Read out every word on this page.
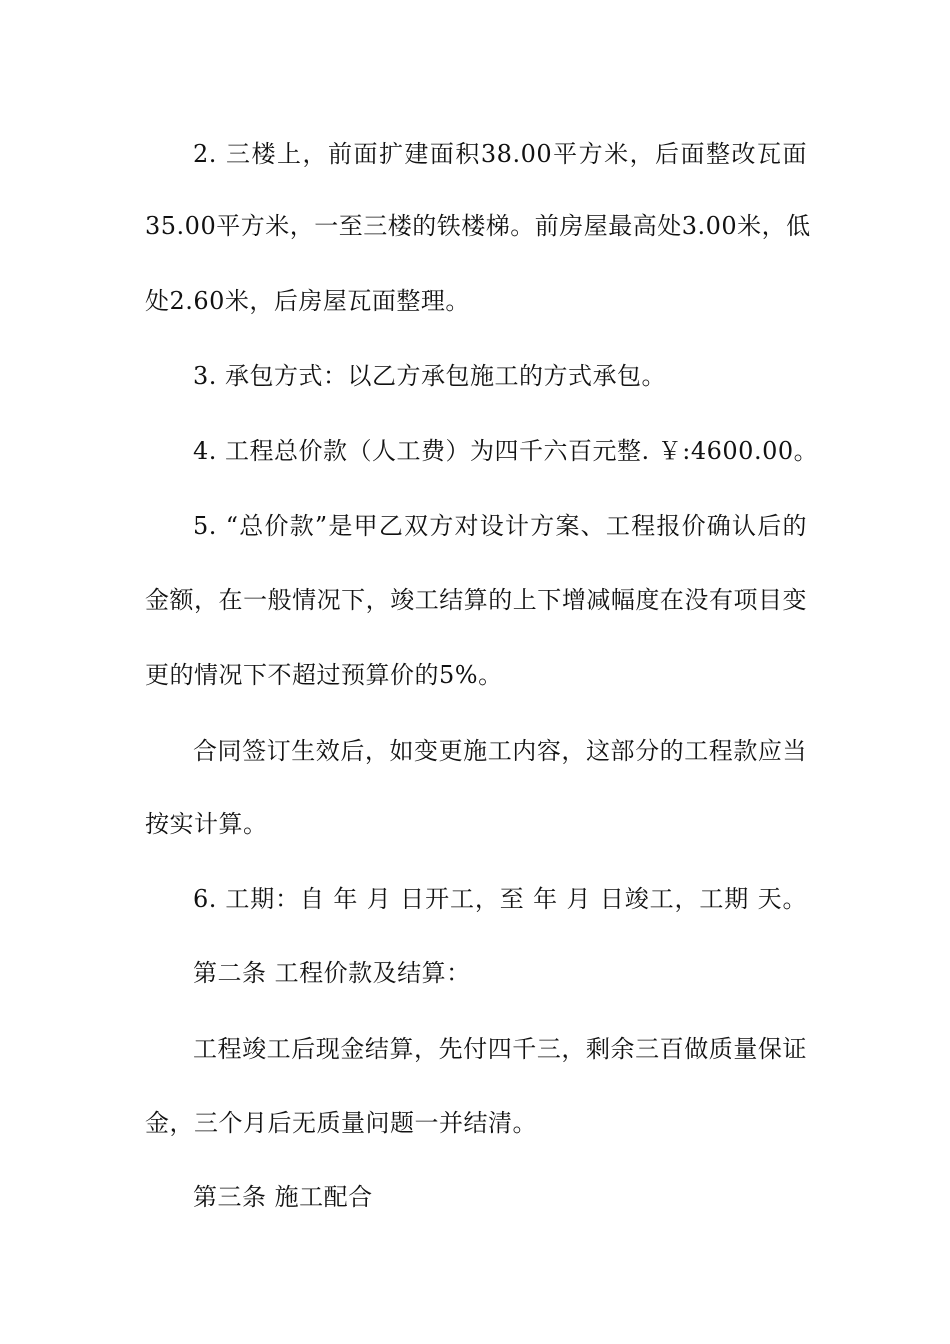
2. 三楼上，前面扩建面积38.00平方米，后面整改瓦面
35.00平方米，一至三楼的铁楼梯。前房屋最高处3.00米，低
处2.60米，后房屋瓦面整理。
3. 承包方式：以乙方承包施工的方式承包。
4. 工程总价款（人工费）为四千六百元整. ￥:4600.00。
5. “总价款”是甲乙双方对设计方案、工程报价确认后的
金额，在一般情况下，竣工结算的上下增减幅度在没有项目变
更的情况下不超过预算价的5%。
合同签订生效后，如变更施工内容，这部分的工程款应当
按实计算。
6. 工期：自 年 月 日开工，至 年 月 日竣工，工期 天。
第二条 工程价款及结算：
工程竣工后现金结算，先付四千三，剩余三百做质量保证
金，三个月后无质量问题一并结清。
第三条 施工配合
